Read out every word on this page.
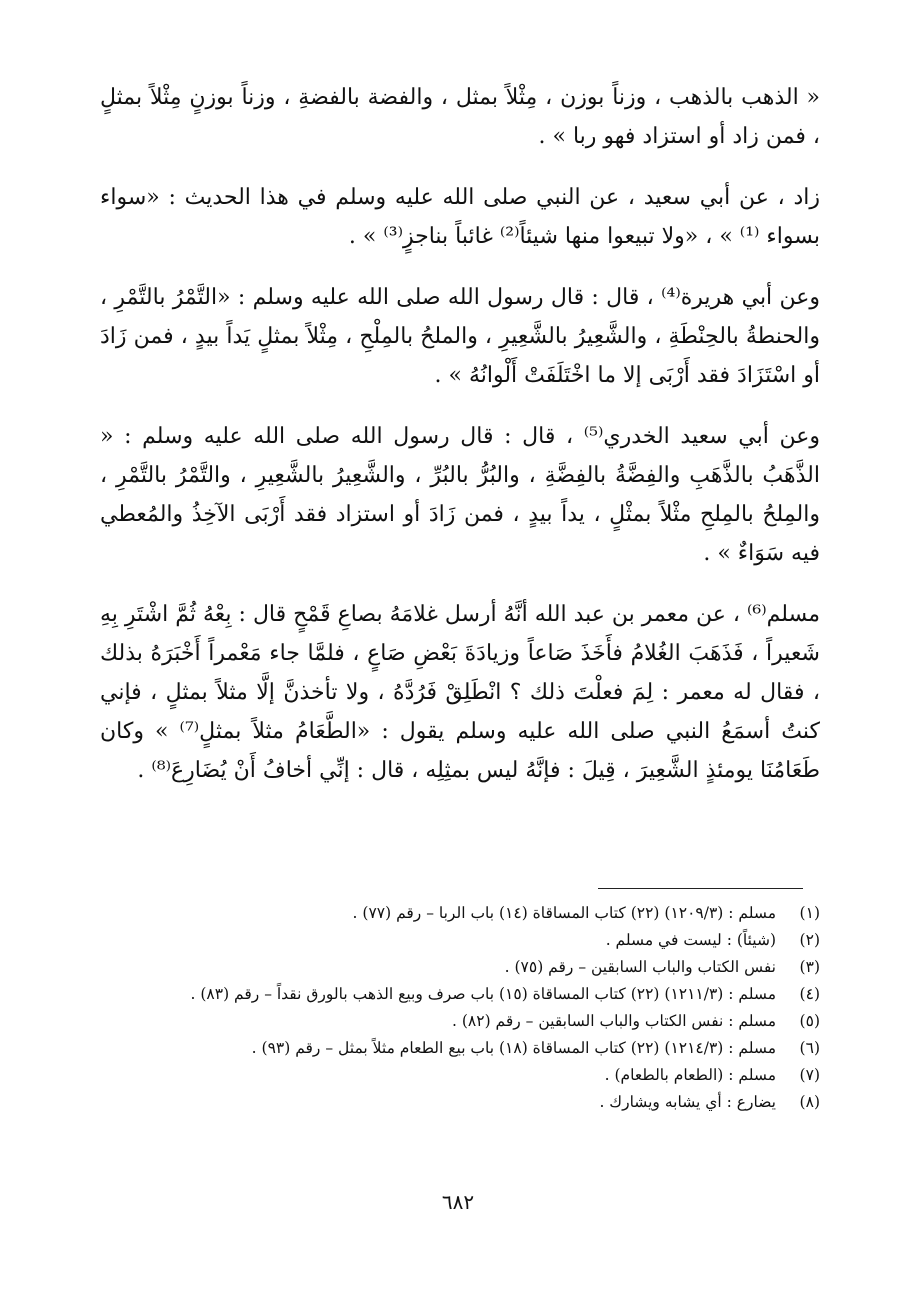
« الذهب بالذهب ، وزناً بوزن ، مِثْلاً بمثل ، والفضة بالفضةِ ، وزناً بوزنٍ مِثْلاً بمثلٍ ، فمن زاد أو استزاد فهو ربا » .

زاد ، عن أبي سعيد ، عن النبي صلى الله عليه وسلم في هذا الحديث : «سواء بسواء ⁽¹⁾ » ، «ولا تبيعوا منها شيئاً⁽²⁾ غائباً بناجزٍ⁽³⁾ » .

وعن أبي هريرة⁽⁴⁾ ، قال : قال رسول الله صلى الله عليه وسلم : «التَّمْرُ بالتَّمْرِ ، والحنطةُ بالحِنْطَةِ ، والشَّعِيرُ بالشَّعِيرِ ، والملحُ بالمِلْحِ ، مِثْلاً بمثلٍ يَداً بيدٍ ، فمن زَادَ أو اسْتَزَادَ فقد أَرْبَى إلا ما اخْتَلَفَتْ أَلْوانُهُ » .

وعن أبي سعيد الخدري⁽⁵⁾ ، قال : قال رسول الله صلى الله عليه وسلم : « الذَّهَبُ بالذَّهَبِ والفِضَّةُ بالفِضَّةِ ، والبُرُّ بالبُرِّ ، والشَّعِيرُ بالشَّعِيرِ ، والتَّمْرُ بالتَّمْرِ ، والمِلحُ بالمِلحِ مثْلاً بمثْلٍ ، يداً بيدٍ ، فمن زَادَ أو استزاد فقد أَرْبَى الآخِذُ والمُعطي فيه سَوَاءٌ » .

مسلم⁽⁶⁾ ، عن معمر بن عبد الله أنَّهُ أرسل غلامَهُ بصاعِ قَمْحٍ قال : بِعْهُ ثُمَّ اشْتَرِ بِهِ شَعيراً ، فَذَهَبَ الغُلامُ فأَخَذَ صَاعاً وزيادَةَ بَعْضِ صَاعٍ ، فلمَّا جاء مَعْمراً أَخْبَرَهُ بذلك ، فقال له معمر : لِمَ فعلْتَ ذلك ؟ انْطَلِقْ فَرُدَّهُ ، ولا تأخذنَّ إلَّا مثلاً بمثلٍ ، فإني كنتُ أسمَعُ النبي صلى الله عليه وسلم يقول : «الطَّعَامُ مثلاً بمثلٍ⁽⁷⁾ » وكان طَعَامُنَا يومئذٍ الشَّعِيرَ ، قِيلَ : فإنَّهُ ليس بمثِلِه ، قال : إنِّي أخافُ أَنْ يُضَارِعَ⁽⁸⁾ .

(١)
مسلم : (١٢٠٩/٣) (٢٢) كتاب المساقاة (١٤) باب الربا – رقم (٧٧) .
(٢)
(شيئاً) : ليست في مسلم .
(٣)
نفس الكتاب والباب السابقين – رقم (٧٥) .
(٤)
مسلم : (١٢١١/٣) (٢٢) كتاب المساقاة (١٥) باب صرف وبيع الذهب بالورق نقداً – رقم (٨٣) .
(٥)
مسلم : نفس الكتاب والباب السابقين – رقم (٨٢) .
(٦)
مسلم : (١٢١٤/٣) (٢٢) كتاب المساقاة (١٨) باب بيع الطعام مثلاً بمثل – رقم (٩٣) .
(٧)
مسلم : (الطعام بالطعام) .
(٨)
يضارع : أي يشابه ويشارك .
٦٨٢
